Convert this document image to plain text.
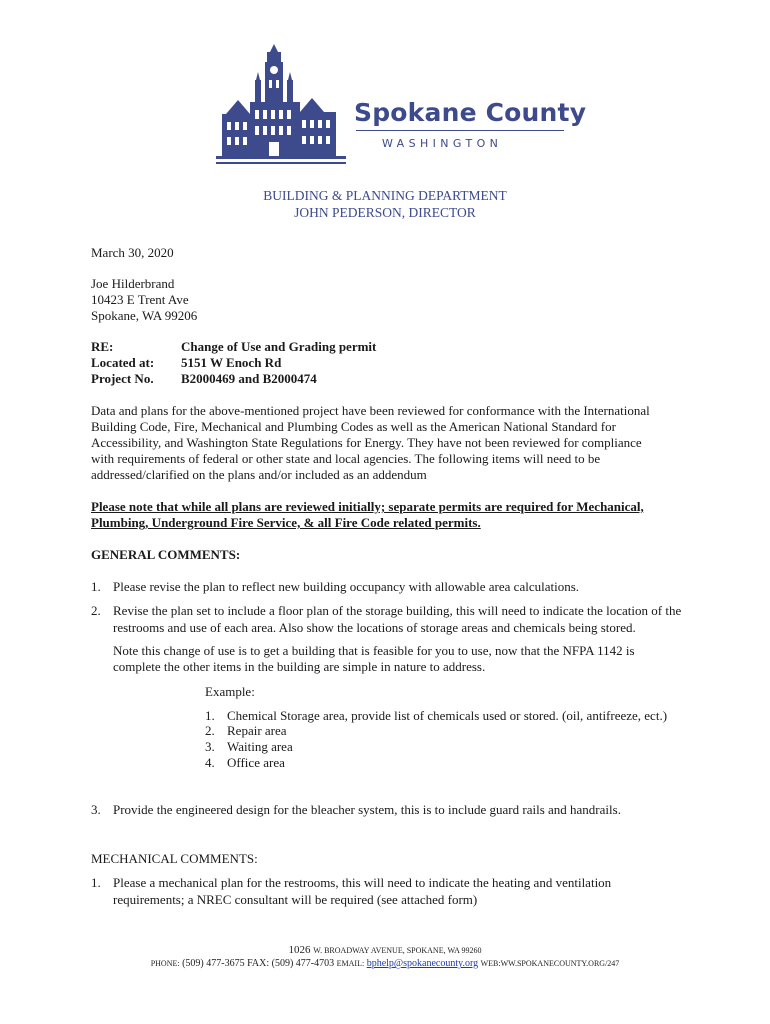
Spokane County
WASHINGTON
BUILDING & PLANNING DEPARTMENT
JOHN PEDERSON, DIRECTOR
March 30, 2020
Joe Hilderbrand
10423 E Trent Ave
Spokane, WA 99206
RE:	Change of Use and Grading permit
Located at: 5151 W Enoch Rd
Project No. B2000469 and B2000474
Data and plans for the above-mentioned project have been reviewed for conformance with the International
Building Code, Fire, Mechanical and Plumbing Codes as well as the American National Standard for
Accessibility, and Washington State Regulations for Energy. They have not been reviewed for compliance
with requirements of federal or other state and local agencies. The following items will need to be
addressed/clarified on the plans and/or included as an addendum
Please note that while all plans are reviewed initially; separate permits are required for Mechanical,
Plumbing, Underground Fire Service, & all Fire Code related permits.
GENERAL COMMENTS:
1. Please revise the plan to reflect new building occupancy with allowable area calculations.
2. Revise the plan set to include a floor plan of the storage building, this will need to indicate the location of the
restrooms and use of each area. Also show the locations of storage areas and chemicals being stored.
Note this change of use is to get a building that is feasible for you to use, now that the NFPA 1142 is
complete the other items in the building are simple in nature to address.
Example:
1. Chemical Storage area, provide list of chemicals used or stored. (oil, antifreeze, ect.)
2. Repair area
3. Waiting area
4. Office area
3. Provide the engineered design for the bleacher system, this is to include guard rails and handrails.
MECHANICAL COMMENTS:
1. Please a mechanical plan for the restrooms, this will need to indicate the heating and ventilation
requirements; a NREC consultant will be required (see attached form)
1026 W. BROADWAY AVENUE, SPOKANE, WA 99260
PHONE: (509) 477-3675 FAX: (509) 477-4703 EMAIL: bphelp@spokanecounty.org WEB:WW.SPOKANECOUNTY.ORG/247
